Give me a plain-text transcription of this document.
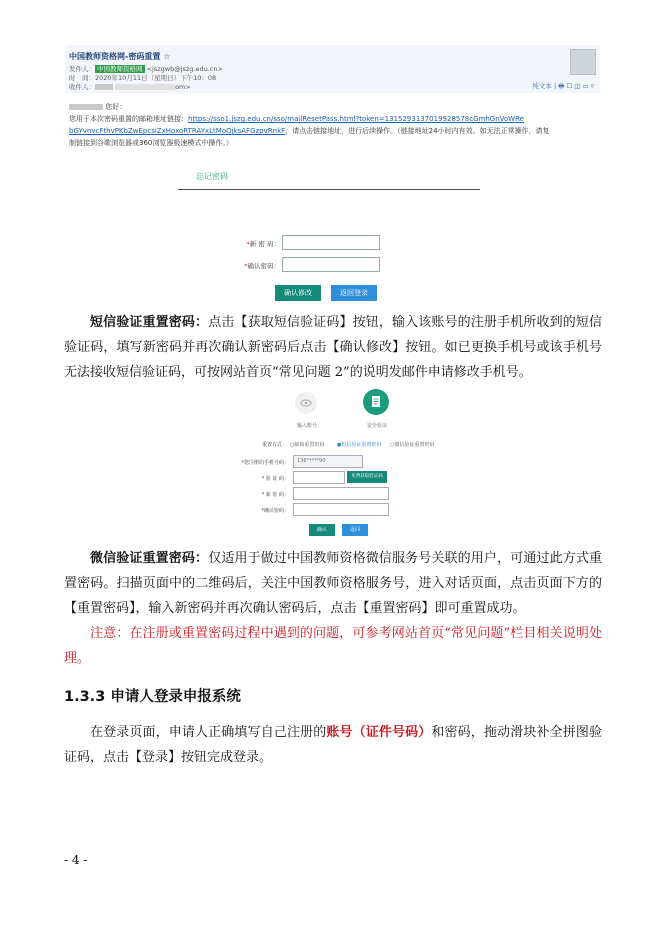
中国教师资格网-密码重置 ☆
发件人： 中国教师资格网 <jszgwb@jszg.edu.cn>
时　间：2020年10月11日（星期日）下午10：08
收件人：	om>	纯文本 | 🖶 ☐ ◫ ▭ ▿
您好：
您用于本次密码重置的邮箱地址链接：https://sso1.jszg.edu.cn/sso/mailResetPass.html?token=1315293137019928578cGmhGnVoWRe
bGYvnvcFthvPKbZwEpcsiZxHoxoRTRAYxLtMoOjksAFGzpvRnkF，请点击链接地址，进行后续操作。（链接地址24小时内有效。如无法正常操作，请复
制链接到谷歌浏览器或360浏览器极速模式中操作。）
忘记密码
*新 密 码：
*确认密码：
确认修改	返回登录
短信验证重置密码：点击【获取短信验证码】按钮，输入该账号的注册手机所收到的短信验证码，填写新密码并再次确认新密码后点击【确认修改】按钮。如已更换手机号或该手机号无法接收短信验证码，可按网站首页“常见问题 2”的说明发邮件申请修改手机号。
输入账号	安全验证
重置方式： ○邮箱重置密码	●短信验证重置密码 ○微信验证重置密码
*您注册的手机号码： 136*****90
* 验 证 码：	免费获取验证码
* 新 密 码：
*确认密码：
确认	返回
微信验证重置密码：仅适用于做过中国教师资格微信服务号关联的用户，可通过此方式重置密码。扫描页面中的二维码后，关注中国教师资格服务号，进入对话页面，点击页面下方的【重置密码】，输入新密码并再次确认密码后，点击【重置密码】即可重置成功。
注意：在注册或重置密码过程中遇到的问题，可参考网站首页“常见问题”栏目相关说明处理。
1.3.3 申请人登录申报系统
在登录页面，申请人正确填写自己注册的账号（证件号码）和密码，拖动滑块补全拼图验证码，点击【登录】按钮完成登录。
- 4 -
